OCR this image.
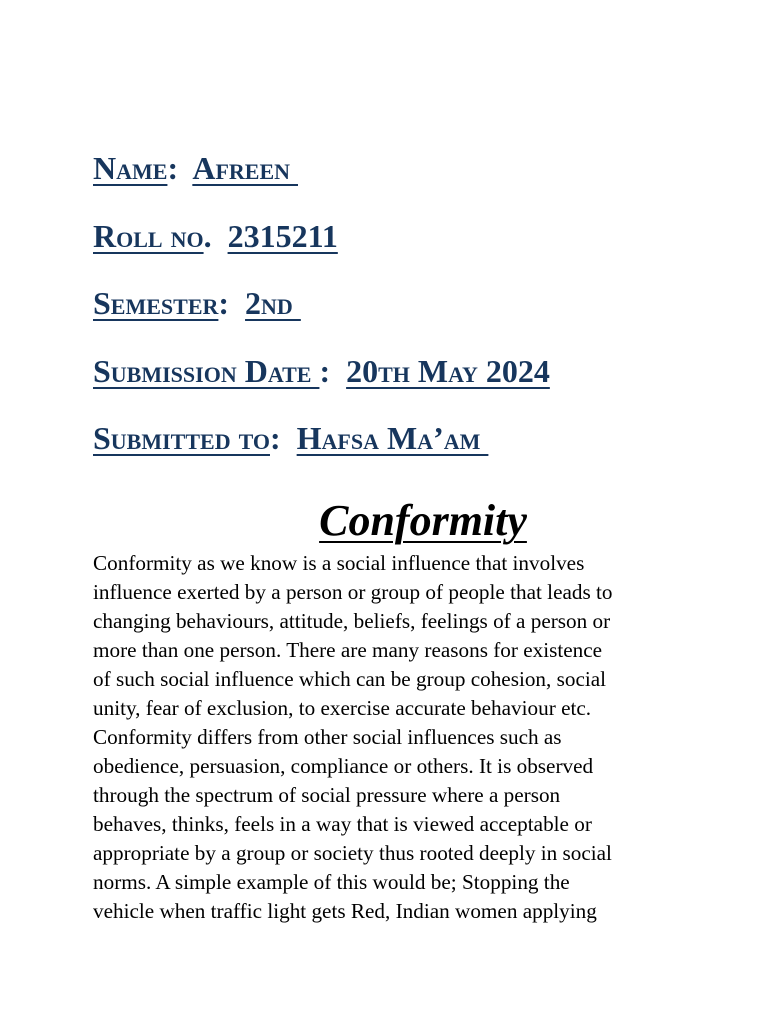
Name:  Afreen
Roll no.  2315211
Semester:  2nd
Submission Date :  20th May 2024
Submitted to:  Hafsa Ma’am
Conformity
Conformity as we know is a social influence that involves
influence exerted by a person or group of people that leads to
changing behaviours, attitude, beliefs, feelings of a person or
more than one person. There are many reasons for existence
of such social influence which can be group cohesion, social
unity, fear of exclusion, to exercise accurate behaviour etc.
Conformity differs from other social influences such as
obedience, persuasion, compliance or others. It is observed
through the spectrum of social pressure where a person
behaves, thinks, feels in a way that is viewed acceptable or
appropriate by a group or society thus rooted deeply in social
norms. A simple example of this would be; Stopping the
vehicle when traffic light gets Red, Indian women applying
